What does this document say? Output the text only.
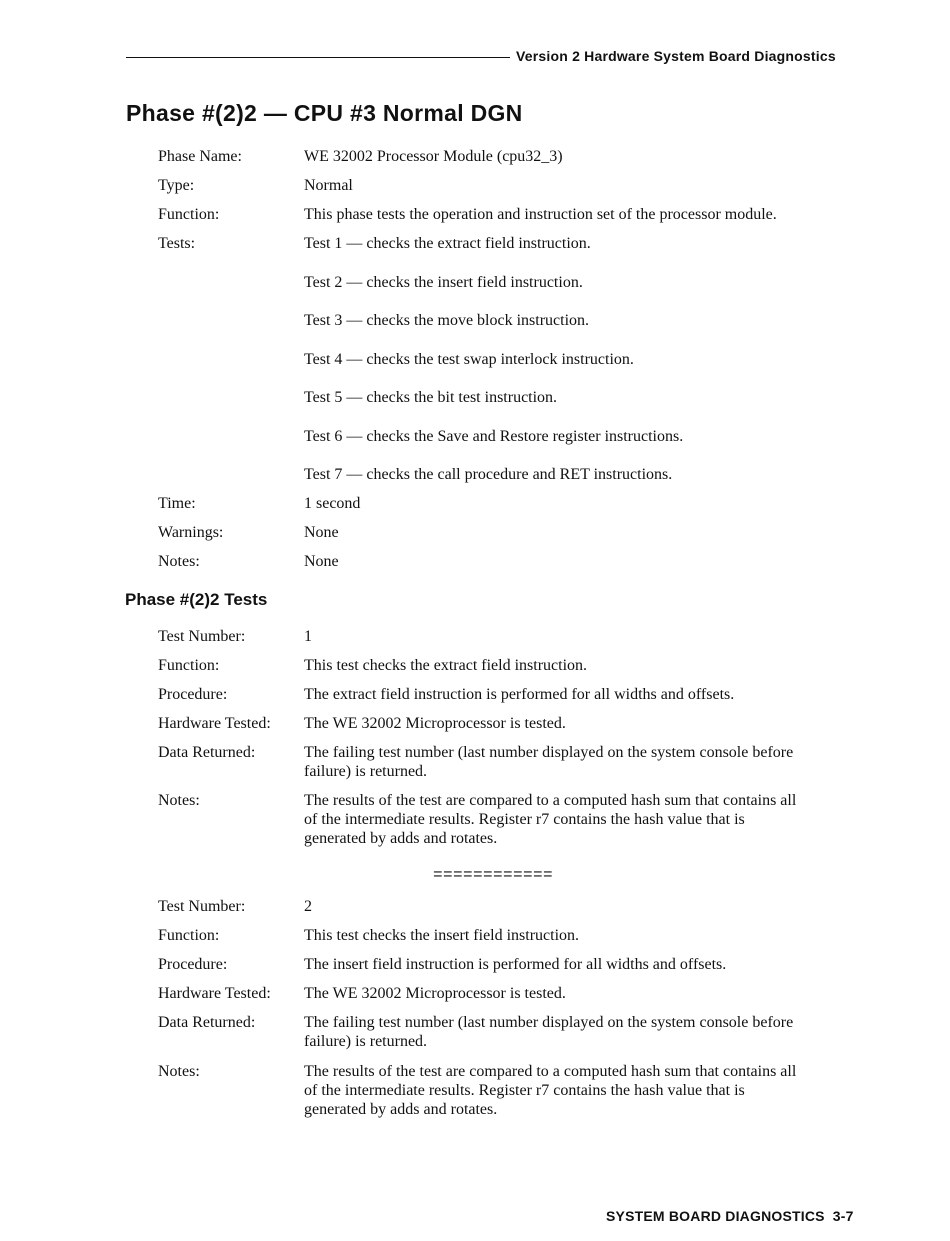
Version 2 Hardware System Board Diagnostics
Phase #(2)2 — CPU #3 Normal DGN
Phase Name:	WE 32002 Processor Module (cpu32_3)
Type:	Normal
Function:	This phase tests the operation and instruction set of the processor module.
Tests:	Test 1 — checks the extract field instruction.
Test 2 — checks the insert field instruction.
Test 3 — checks the move block instruction.
Test 4 — checks the test swap interlock instruction.
Test 5 — checks the bit test instruction.
Test 6 — checks the Save and Restore register instructions.
Test 7 — checks the call procedure and RET instructions.
Time:	1 second
Warnings:	None
Notes:	None
Phase #(2)2 Tests
Test Number:	1
Function:	This test checks the extract field instruction.
Procedure:	The extract field instruction is performed for all widths and offsets.
Hardware Tested: The WE 32002 Microprocessor is tested.
Data Returned:	The failing test number (last number displayed on the system console before
failure) is returned.
Notes:	The results of the test are compared to a computed hash sum that contains all
of the intermediate results. Register r7 contains the hash value that is
generated by adds and rotates.
============
Test Number:	2
Function:	This test checks the insert field instruction.
Procedure:	The insert field instruction is performed for all widths and offsets.
Hardware Tested: The WE 32002 Microprocessor is tested.
Data Returned:	The failing test number (last number displayed on the system console before
failure) is returned.
Notes:	The results of the test are compared to a computed hash sum that contains all
of the intermediate results. Register r7 contains the hash value that is
generated by adds and rotates.
SYSTEM BOARD DIAGNOSTICS 3-7
